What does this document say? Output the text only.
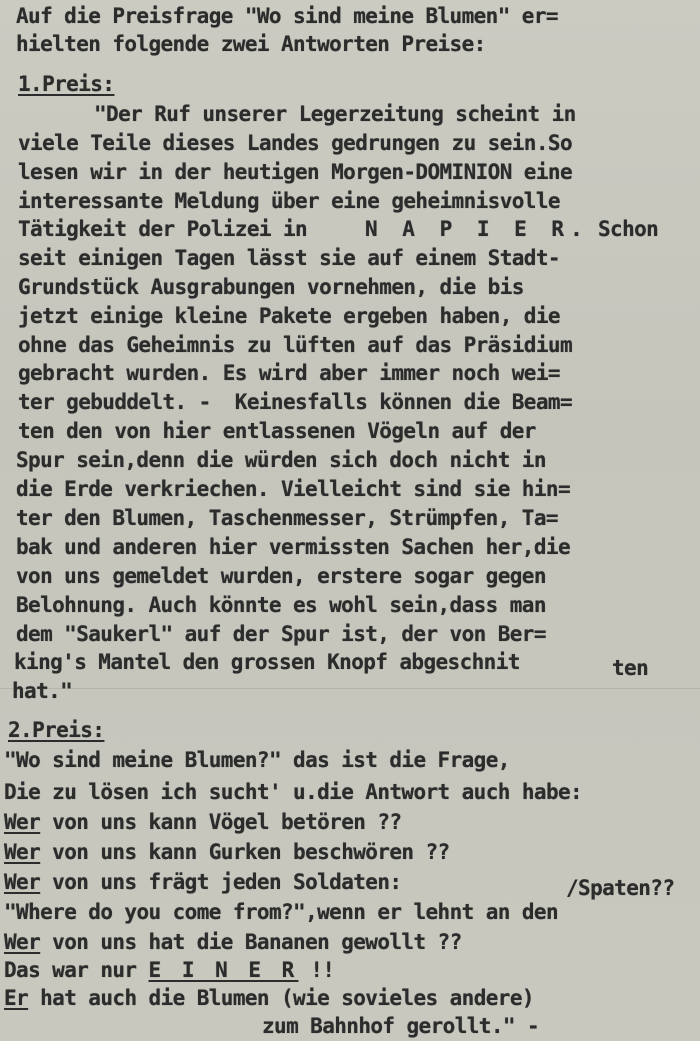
Auf die Preisfrage "Wo sind meine Blumen" er=
hielten folgende zwei Antworten Preise:
1.Preis:
"Der Ruf unserer Legerzeitung scheint in
viele Teile dieses Landes gedrungen zu sein.So
lesen wir in der heutigen Morgen-DOMINION eine
interessante Meldung über eine geheimnisvolle
Tätigkeit der Polizei in	N A P I E R. Schon
seit einigen Tagen lässt sie auf einem Stadt-
Grundstück Ausgrabungen vornehmen, die bis
jetzt einige kleine Pakete ergeben haben, die
ohne das Geheimnis zu lüften auf das Präsidium
gebracht wurden. Es wird aber immer noch wei=
ter gebuddelt. -  Keinesfalls können die Beam=
ten den von hier entlassenen Vögeln auf der
Spur sein,denn die würden sich doch nicht in
die Erde verkriechen. Vielleicht sind sie hin=
ter den Blumen, Taschenmesser, Strümpfen, Ta=
bak und anderen hier vermissten Sachen her,die
von uns gemeldet wurden, erstere sogar gegen
Belohnung. Auch könnte es wohl sein,dass man
dem "Saukerl" auf der Spur ist, der von Ber=
king's Mantel den grossen Knopf abgeschnit	ten
hat."
2.Preis:
"Wo sind meine Blumen?" das ist die Frage,
Die zu lösen ich sucht' u.die Antwort auch habe:
Wer von uns kann Vögel betören ??
Wer von uns kann Gurken beschwören ??
Wer von uns frägt jeden Soldaten:	/Spaten??
"Where do you come from?",wenn er lehnt an den
Wer von uns hat die Bananen gewollt ??
Das war nur E I N E R !!
Er hat auch die Blumen (wie sovieles andere)
zum Bahnhof gerollt." -
